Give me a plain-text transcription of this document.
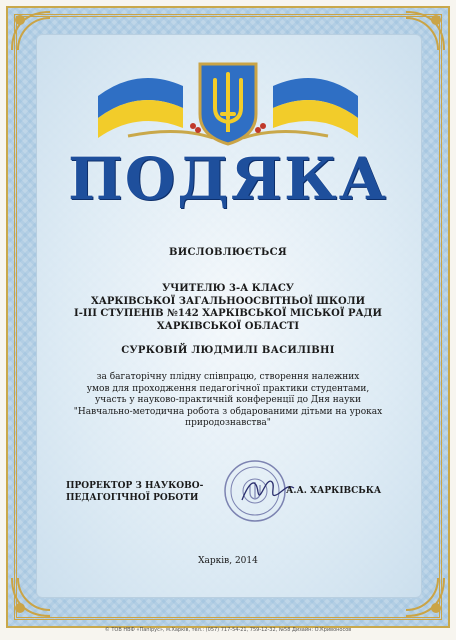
ПОДЯКА
ВИСЛОВЛЮЄТЬСЯ
УЧИТЕЛЮ 3-А КЛАСУ
ХАРКІВСЬКОЇ ЗАГАЛЬНООСВІТНЬОЇ ШКОЛИ
І-ІІІ СТУПЕНІВ №142 ХАРКІВСЬКОЇ МІСЬКОЇ РАДИ
ХАРКІВСЬКОЇ ОБЛАСТІ
СУРКОВІЙ ЛЮДМИЛІ ВАСИЛІВНІ
за багаторічну плідну співпрацю, створення належних
умов для проходження педагогічної практики студентами,
участь у науково-практичній конференції до Дня науки
"Навчально-методична робота з обдарованими дітьми на уроках
природознавства"
ПРОРЕКТОР З НАУКОВО-
ПЕДАГОГІЧНОЇ РОБОТИ
А.А. ХАРКІВСЬКА
Харків, 2014
© ТОВ НВФ «Папірус», м.Харків, тел.: (057) 717-54-21, 759-12-32, №58 Дизайн: О.Кривоносов
